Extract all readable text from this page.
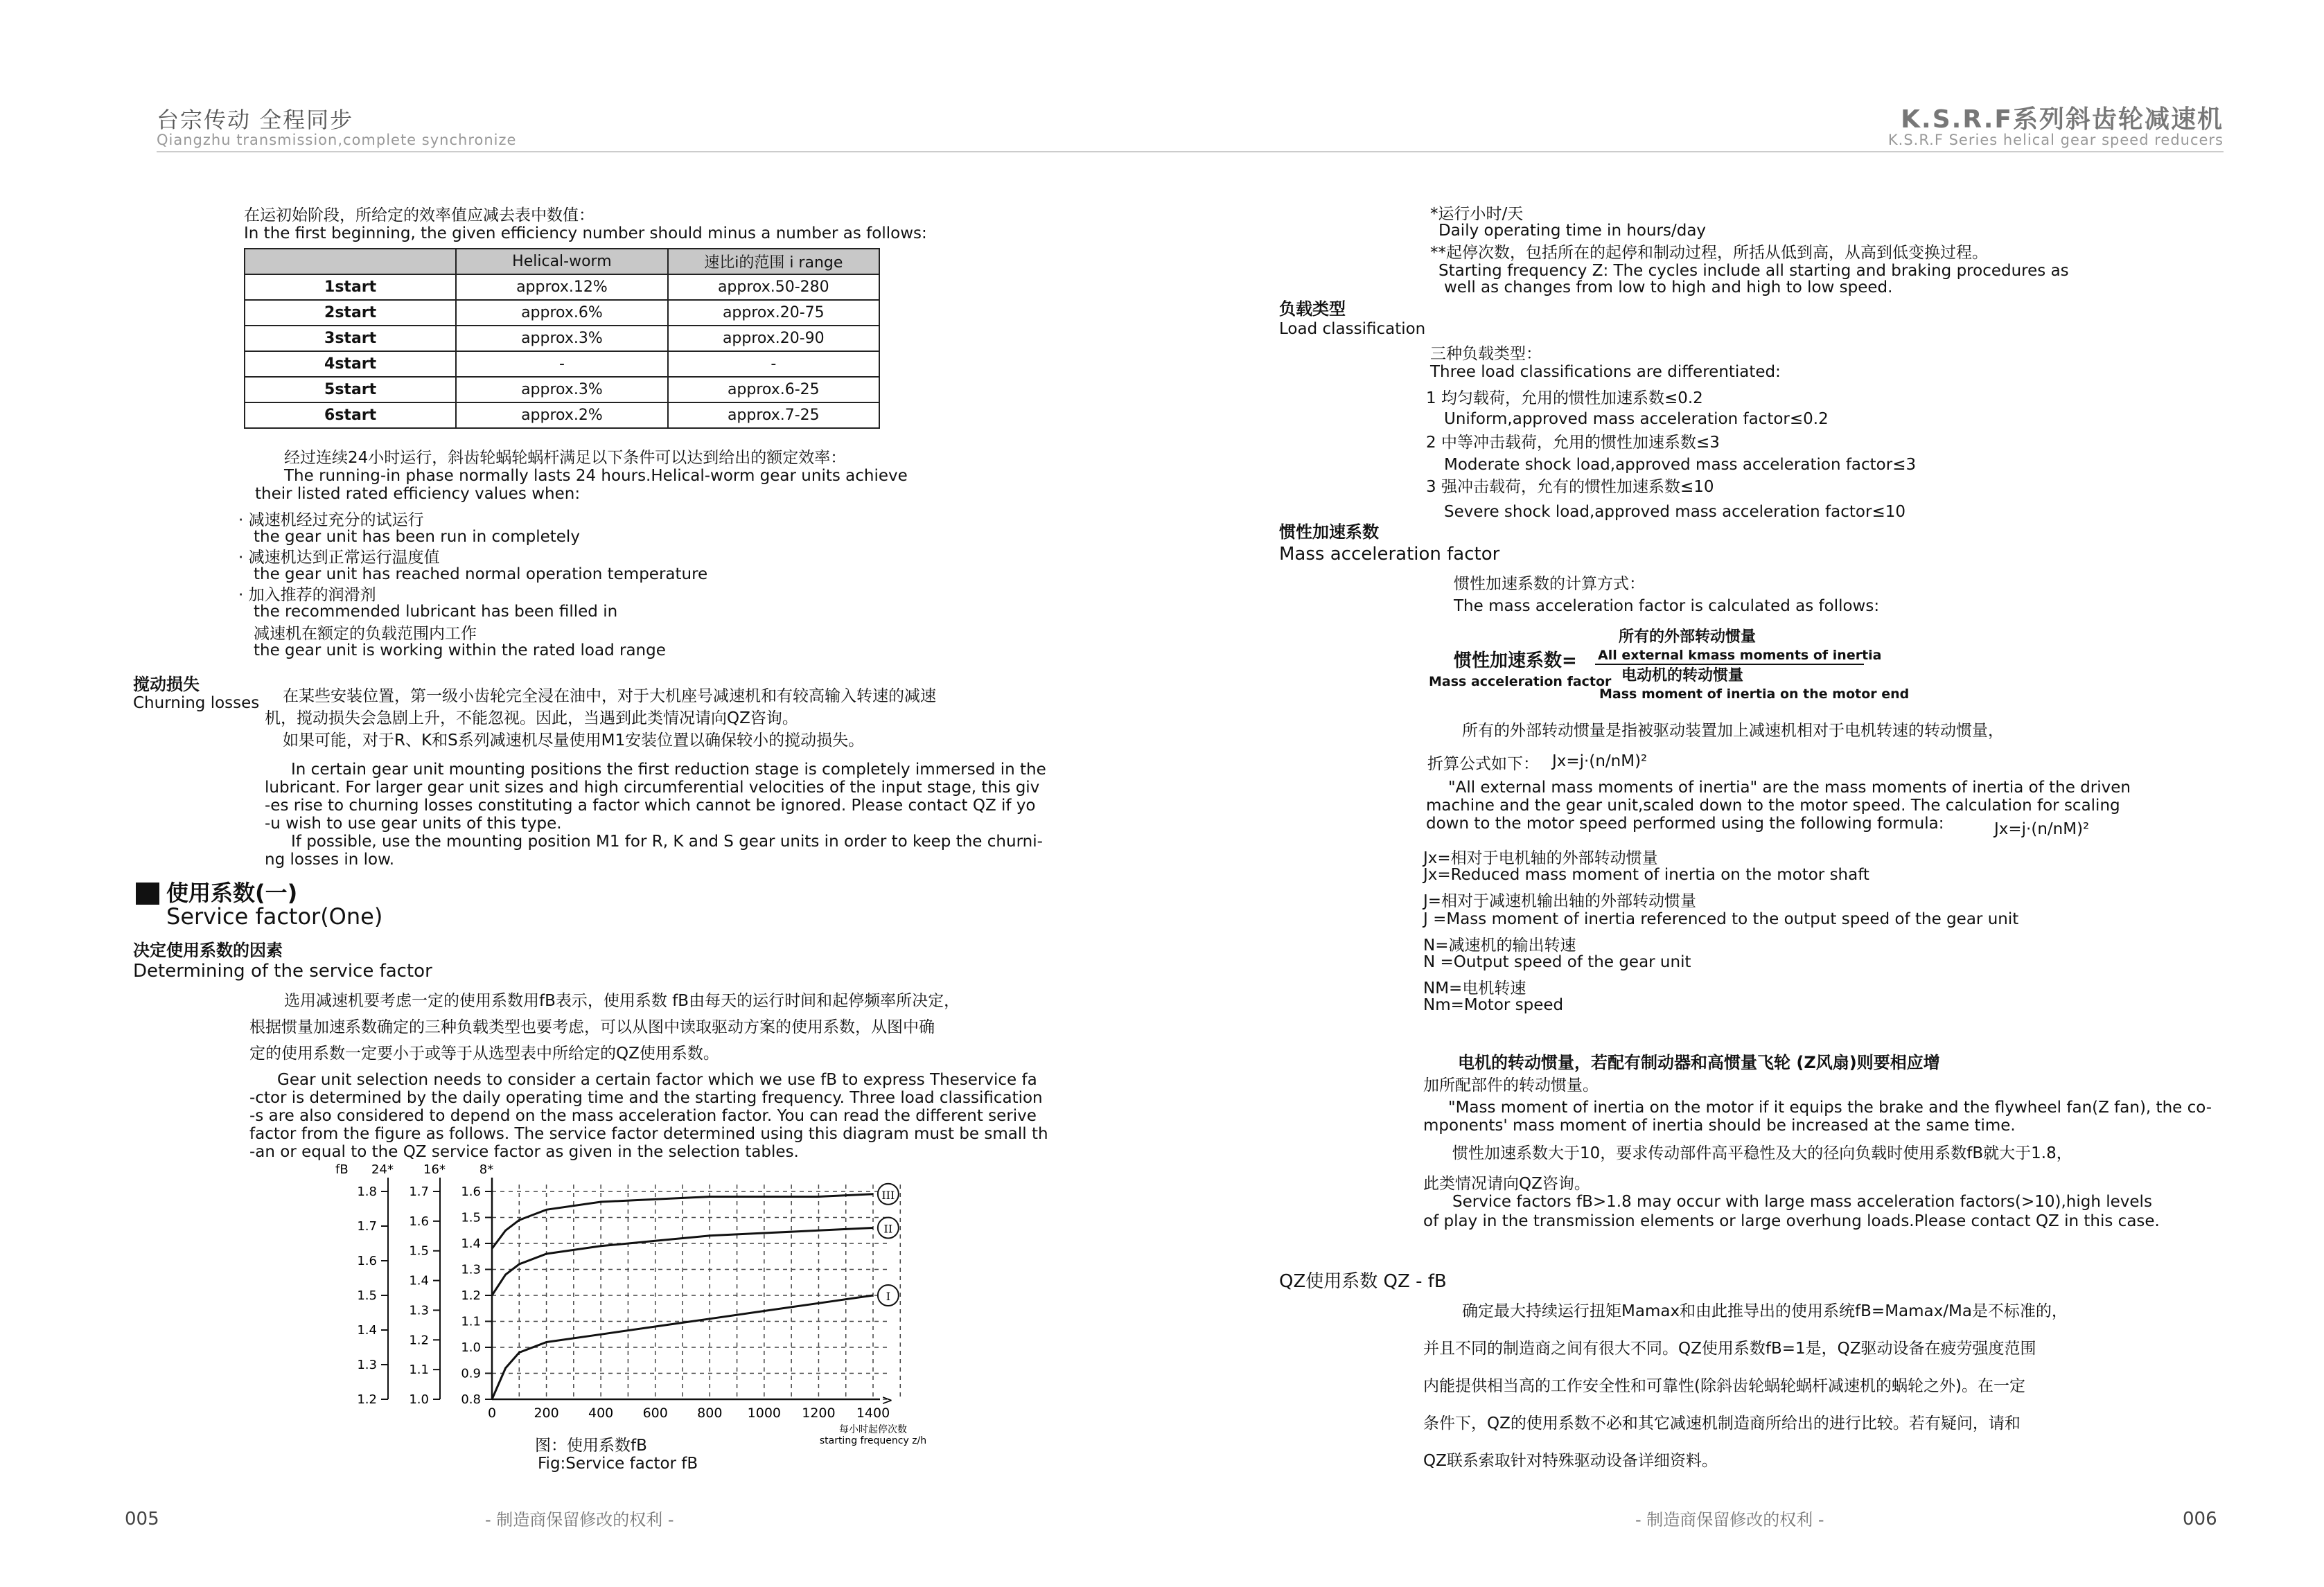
台宗传动 全程同步
Qiangzhu transmission,complete synchronize
K.S.R.F系列斜齿轮减速机
K.S.R.F Series helical gear speed reducers
在运初始阶段，所给定的效率值应减去表中数值：
In the first beginning, the given efficiency number should minus a number as follows:
	Helical-worm	速比i的范围 i range
1start	approx.12%	approx.50-280
2start	approx.6%	approx.20-75
3start	approx.3%	approx.20-90
4start	-	-
5start	approx.3%	approx.6-25
6start	approx.2%	approx.7-25
经过连续24小时运行，斜齿轮蜗轮蜗杆满足以下条件可以达到给出的额定效率：
The running-in phase normally lasts 24 hours.Helical-worm gear units achieve
their listed rated efficiency values when:
· 减速机经过充分的试运行
the gear unit has been run in completely
· 减速机达到正常运行温度值
the gear unit has reached normal operation temperature
· 加入推荐的润滑剂
the recommended lubricant has been filled in
减速机在额定的负载范围内工作
the gear unit is working within the rated load range
搅动损失
Churning losses 在某些安装位置，第一级小齿轮完全浸在油中，对于大机座号减速机和有较高输入转速的减速
机，搅动损失会急剧上升，不能忽视。因此，当遇到此类情况请向QZ咨询。
如果可能，对于R、K和S系列减速机尽量使用M1安装位置以确保较小的搅动损失。
In certain gear unit mounting positions the first reduction stage is completely immersed in the
lubricant. For larger gear unit sizes and high circumferential velocities of the input stage, this giv
-es rise to churning losses constituting a factor which cannot be ignored. Please contact QZ if yo
-u wish to use gear units of this type.
If possible, use the mounting position M1 for R, K and S gear units in order to keep the churni-
ng losses in low.
使用系数(一)
Service factor(One)
决定使用系数的因素
Determining of the service factor
选用减速机要考虑一定的使用系数用fB表示，使用系数 fB由每天的运行时间和起停频率所决定，
根据惯量加速系数确定的三种负载类型也要考虑，可以从图中读取驱动方案的使用系数，从图中确
定的使用系数一定要小于或等于从选型表中所给定的QZ使用系数。
Gear unit selection needs to consider a certain factor which we use fB to express Theservice fa
-ctor is determined by the daily operating time and the starting frequency. Three load classification
-s are also considered to depend on the mass acceleration factor. You can read the different serive
factor from the figure as follows. The service factor determined using this diagram must be small th
-an or equal to the QZ service factor as given in the selection tables.
>
0	200 400 600 800 1000 1200 1400
每小时起停次数
starting frequency z/h
24*
1.8
1.7
1.6
1.5
1.4
1.3
1.2
16*
1.7
1.6
1.5
1.4
1.3
1.2
1.1
1.0
8*
1.6
1.5
1.4
1.3
1.2
1.1
1.0
0.9
0.8
fB
III
II
I
图：使用系数fB
Fig:Service factor fB
005	- 制造商保留修改的权利 -
*运行小时/天
Daily operating time in hours/day
**起停次数，包括所在的起停和制动过程，所括从低到高，从高到低变换过程。
Starting frequency Z: The cycles include all starting and braking procedures as
well as changes from low to high and high to low speed.
负载类型
Load classification
三种负载类型：
Three load classifications are differentiated:
1 均匀载荷，允用的惯性加速系数≤0.2
Uniform,approved mass acceleration factor≤0.2
2 中等冲击载荷，允用的惯性加速系数≤3
Moderate shock load,approved mass acceleration factor≤3
3 强冲击载荷，允有的惯性加速系数≤10
Severe shock load,approved mass acceleration factor≤10
惯性加速系数
Mass acceleration factor
惯性加速系数的计算方式：
The mass acceleration factor is calculated as follows:
所有的外部转动惯量
All external kmass moments of inertia
惯性加速系数=
Mass acceleration factor 电动机的转动惯量
Mass moment of inertia on the motor end
所有的外部转动惯量是指被驱动装置加上减速机相对于电机转速的转动惯量，
折算公式如下： Jx=j·(n/nM)²
"All external mass moments of inertia" are the mass moments of inertia of the driven
machine and the gear unit,scaled down to the motor speed. The calculation for scaling
down to the motor speed performed using the following formula:	Jx=j·(n/nM)²
Jx=相对于电机轴的外部转动惯量
Jx=Reduced mass moment of inertia on the motor shaft
J=相对于减速机输出轴的外部转动惯量
J =Mass moment of inertia referenced to the output speed of the gear unit
N=减速机的输出转速
N =Output speed of the gear unit
NM=电机转速
Nm=Motor speed
电机的转动惯量，若配有制动器和高惯量飞轮 (Z风扇)则要相应增
加所配部件的转动惯量。
"Mass moment of inertia on the motor if it equips the brake and the flywheel fan(Z fan), the co-
mponents' mass moment of inertia should be increased at the same time.
惯性加速系数大于10，要求传动部件高平稳性及大的径向负载时使用系数fB就大于1.8，
此类情况请向QZ咨询。
Service factors fB>1.8 may occur with large mass acceleration factors(>10),high levels
of play in the transmission elements or large overhung loads.Please contact QZ in this case.
QZ使用系数 QZ - fB
确定最大持续运行扭矩Mamax和由此推导出的使用系统fB=Mamax/Ma是不标准的，
并且不同的制造商之间有很大不同。QZ使用系数fB=1是，QZ驱动设备在疲劳强度范围
内能提供相当高的工作安全性和可靠性(除斜齿轮蜗轮蜗杆减速机的蜗轮之外)。在一定
条件下，QZ的使用系数不必和其它减速机制造商所给出的进行比较。若有疑问，请和
QZ联系索取针对特殊驱动设备详细资料。
- 制造商保留修改的权利 -	006
